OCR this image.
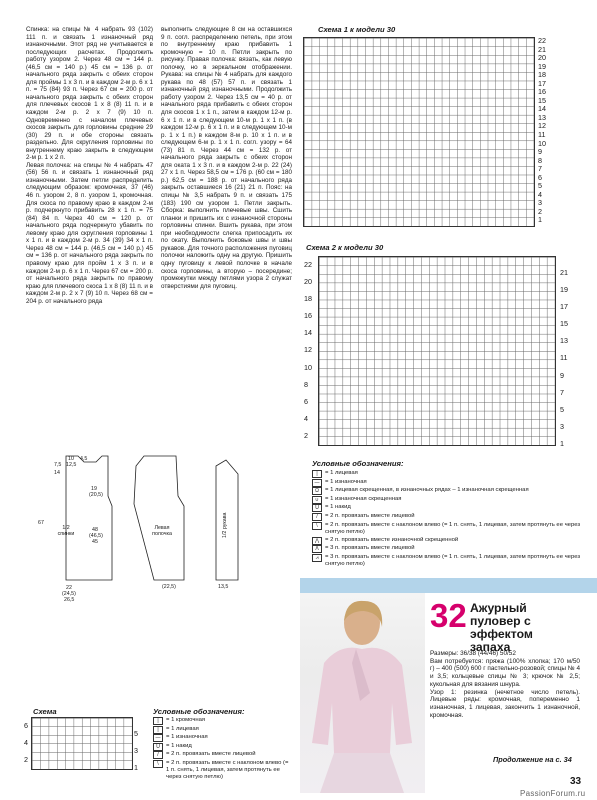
Спинка: на спицы № 4 набрать 93 (102) 111 п. и связать 1 изнаночный ряд изнаночными. Этот ряд не учитывается в последующих расчетах. Продолжить работу узором 2. Через 48 см = 144 р. (46,5 см = 140 р.) 45 см = 136 р. от начального ряда закрыть с обеих сторон для проймы 1 х 3 п. и в каждом 2-м р. 6 х 1 п. = 75 (84) 93 п. Через 67 см = 200 р. от начального ряда закрыть с обеих сторон для плечевых скосов 1 х 8 (8) 11 п. и в каждом 2-м р. 2 х 7 (9) 10 п. Одновременно с началом плечевых скосов закрыть для горловины средние 29 (30) 29 п. и обе стороны связать раздельно. Для скругления горловины по внутреннему краю закрыть в следующем 2-м р. 1 х 2 п.

Левая полочка: на спицы № 4 набрать 47 (56) 56 п. и связать 1 изнаночный ряд изнаночными. Затем петли распределить следующим образом: кромочная, 37 (46) 46 п. узором 2, 8 п. узором 1, кромочная. Для скоса по правому краю в каждом 2-м р. подчеркнуто прибавить 28 х 1 п. = 75 (84) 84 п. Через 40 см = 120 р. от начального ряда подчеркнуто убавить по левому краю для скругления горловины 1 х 1 п. и в каждом 2-м р. 34 (39) 34 х 1 п. Через 48 см = 144 р. (46,5 см = 140 р.) 45 см = 136 р. от начального ряда закрыть по правому краю для пройм 1 х 3 п. и в каждом 2-м р. 6 х 1 п. Через 67 см = 200 р. от начального ряда закрыть по правому краю для плечевого скоса 1 х 8 (8) 11 п. и в каждом 2-м р. 2 х 7 (9) 10 п. Через 68 см = 204 р. от начального ряда

выполнить следующие 8 см на оставшихся 9 п. согл. распределению петель, при этом по внутреннему краю прибавить 1 кромочную = 10 п. Петли закрыть по рисунку. Правая полочка: вязать, как левую полочку, но в зеркальном отображении. Рукава: на спицы № 4 набрать для каждого рукава по 48 (57) 57 п. и связать 1 изнаночный ряд изнаночными. Продолжить работу узором 2. Через 13,5 см = 40 р. от начального ряда прибавить с обеих сторон для скосов 1 х 1 п., затем в каждом 12-м р. 6 х 1 п. и в следующем 10-м р. 1 х 1 п. (в каждом 12-м р. 6 х 1 п. и в следующем 10-м р. 1 х 1 п.) в каждом 8-м р. 10 х 1 п. и в следующем 6-м р. 1 х 1 п. согл. узору = 64 (73) 81 п. Через 44 см = 132 р. от начального ряда закрыть с обеих сторон для оката 1 х 3 п. и в каждом 2-м р. 22 (24) 27 х 1 п. Через 58,5 см = 176 р. (60 см = 180 р.) 62,5 см = 188 р. от начального ряда закрыть оставшиеся 16 (21) 21 п. Пояс: на спицы № 3,5 набрать 9 п. и связать 175 (183) 190 см узором 1. Петли закрыть. Сборка: выполнить плечевые швы. Сшить планки и пришить их с изнаночной стороны горловины спинки. Вшить рукава, при этом при необходимости слегка припосадить их по окату. Выполнить боковые швы и швы рукавов. Для точного расположения пуговиц полочки наложить одну на другую. Пришить одну пуговицу к левой полочке в начале скоса горловины, а вторую – посередине; промежутки между петлями узора 2 служат отверстиями для пуговиц.

Схема 1 к модели 30
22
21
20
19
18
17
16
15
14
13
12
11
10
9
8
7
6
5
4
3
2
1
Схема 2 к модели 30
22
20
18
16
14
12
10
8
6
4
2
21
19
17
15
13
11
9
7
5
3
1
Условные обозначения:
|	= 1 лицевая
— = 1 изнаночная
Ω	= 1 лицевая скрещенная, в изнаночных рядах – 1 изнаночная скрещенная
∪	= 1 изнаночная скрещенная
U	= 1 накид
/	= 2 п. провязать вместе лицевой
\	= 2 п. провязать вместе с наклоном влево (= 1 п. снять, 1 лицевая, затем протянуть ее через снятую петлю)
⋀	= 2 п. провязать вместе изнаночной скрещенной
Λ	= 3 п. провязать вместе лицевой
⩘	= 3 п. провязать вместе с наклоном влево (= 1 п. снять, 1 лицевая, затем протянуть ее через снятую петлю)
1/2 спинки
Левая полочка	1/2 рукава
10 4,5
7,5 12,5
14
19
(20,5)
48
(46,5)
45
67
22
(24,5)
26,5
(22,5)	13,5
Схема
6
4
2
5
3
1
Условные обозначения:
|	= 1 кромочная
|	= 1 лицевая
— = 1 изнаночная
U	= 1 накид
/	= 2 п. провязать вместе лицевой
\	= 2 п. провязать вместе с наклоном влево (= 1 п. снять, 1 лицевая, затем протянуть ее через снятую петлю)
32 Ажурный пуловер с эффектом запаха

Размеры: 36/38 (44/46) 50/52

Вам потребуется: пряжа (100% хлопка; 170 м/50 г) – 400 (500) 600 г пастельно-розовой; спицы № 4 и 3,5; кольцевые спицы № 3; крючок № 2,5; кукольная для вязания шнура.

Узор 1: резинка (нечетное число петель). Лицевые ряды: кромочная, попеременно 1 изнаночная, 1 лицевая, закончить 1 изнаночной, кромочная.

Продолжение на с. 34
33
PassionForum.ru
